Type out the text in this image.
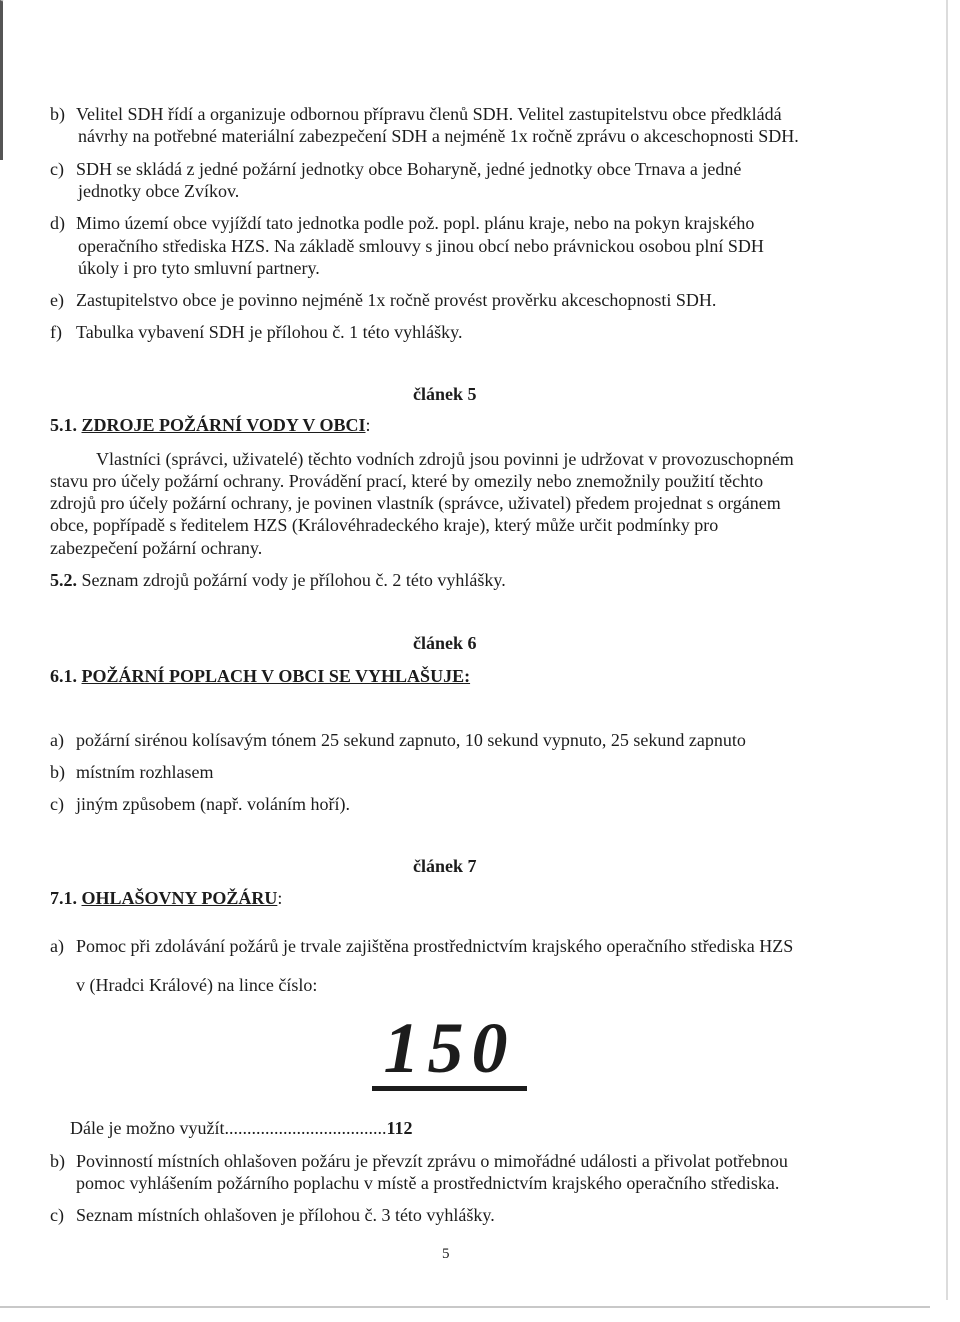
b) Velitel SDH řídí a organizuje odbornou přípravu členů SDH. Velitel zastupitelstvu obce předkládá
návrhy na potřebné materiální zabezpečení SDH a nejméně 1x ročně zprávu o akceschopnosti SDH.
c) SDH se skládá z jedné požární jednotky obce Boharyně, jedné jednotky obce Trnava a jedné
jednotky obce Zvíkov.
d) Mimo území obce vyjíždí tato jednotka podle pož. popl. plánu kraje, nebo na pokyn krajského
operačního střediska HZS. Na základě smlouvy s jinou obcí nebo právnickou osobou plní SDH
úkoly i pro tyto smluvní partnery.
e) Zastupitelstvo obce je povinno nejméně 1x ročně provést prověrku akceschopnosti SDH.
f) Tabulka vybavení SDH je přílohou č. 1 této vyhlášky.
článek 5
5.1. ZDROJE POŽÁRNÍ VODY V OBCI:
Vlastníci (správci, uživatelé) těchto vodních zdrojů jsou povinni je udržovat v provozuschopném
stavu pro účely požární ochrany. Provádění prací, které by omezily nebo znemožnily použití těchto
zdrojů pro účely požární ochrany, je povinen vlastník (správce, uživatel) předem projednat s orgánem
obce, popřípadě s ředitelem HZS (Královéhradeckého kraje), který může určit podmínky pro
zabezpečení požární ochrany.
5.2. Seznam zdrojů požární vody je přílohou č. 2 této vyhlášky.
článek 6
6.1. POŽÁRNÍ POPLACH V OBCI SE VYHLAŠUJE:
a) požární sirénou kolísavým tónem 25 sekund zapnuto, 10 sekund vypnuto, 25 sekund zapnuto
b) místním rozhlasem
c) jiným způsobem (např. voláním hoří).
článek 7
7.1. OHLAŠOVNY POŽÁRU:
a) Pomoc při zdolávání požárů je trvale zajištěna prostřednictvím krajského operačního střediska HZS
v (Hradci Králové) na lince číslo:
150
Dále je možno využít....................................112
b) Povinností místních ohlašoven požáru je převzít zprávu o mimořádné události a přivolat potřebnou
pomoc vyhlášením požárního poplachu v místě a prostřednictvím krajského operačního střediska.
c) Seznam místních ohlašoven je přílohou č. 3 této vyhlášky.
5
